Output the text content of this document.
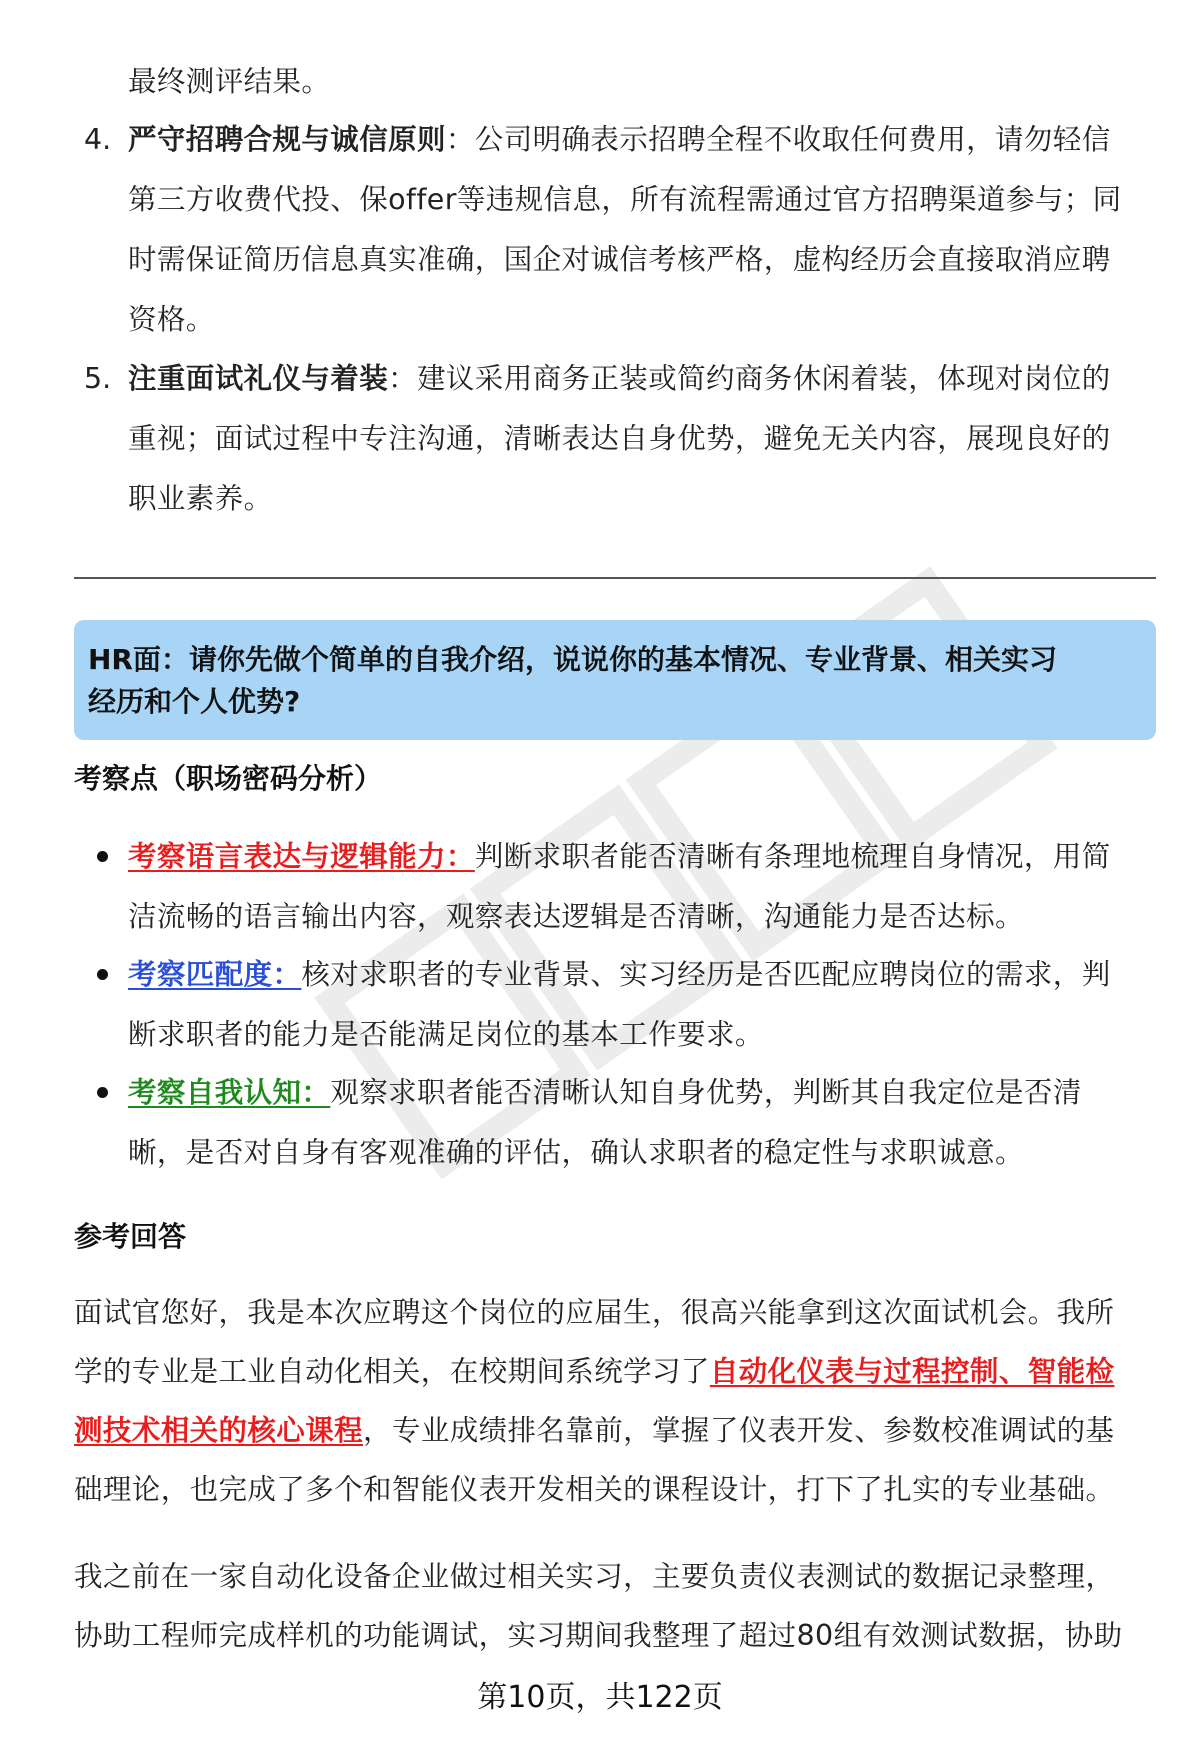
最终测评结果。
4. 严守招聘合规与诚信原则：公司明确表示招聘全程不收取任何费用，请勿轻信
第三方收费代投、保offer等违规信息，所有流程需通过官方招聘渠道参与；同
时需保证简历信息真实准确，国企对诚信考核严格，虚构经历会直接取消应聘
资格。
5. 注重面试礼仪与着装：建议采用商务正装或简约商务休闲着装，体现对岗位的
重视；面试过程中专注沟通，清晰表达自身优势，避免无关内容，展现良好的
职业素养。
HR面：请你先做个简单的自我介绍，说说你的基本情况、专业背景、相关实习
经历和个人优势?
考察点（职场密码分析）
考察语言表达与逻辑能力：判断求职者能否清晰有条理地梳理自身情况，用简
洁流畅的语言输出内容，观察表达逻辑是否清晰，沟通能力是否达标。
考察匹配度：核对求职者的专业背景、实习经历是否匹配应聘岗位的需求，判
断求职者的能力是否能满足岗位的基本工作要求。
考察自我认知：观察求职者能否清晰认知自身优势，判断其自我定位是否清
晰，是否对自身有客观准确的评估，确认求职者的稳定性与求职诚意。
参考回答
面试官您好，我是本次应聘这个岗位的应届生，很高兴能拿到这次面试机会。我所
学的专业是工业自动化相关，在校期间系统学习了自动化仪表与过程控制、智能检
测技术相关的核心课程，专业成绩排名靠前，掌握了仪表开发、参数校准调试的基
础理论，也完成了多个和智能仪表开发相关的课程设计，打下了扎实的专业基础。
我之前在一家自动化设备企业做过相关实习，主要负责仪表测试的数据记录整理，
协助工程师完成样机的功能调试，实习期间我整理了超过80组有效测试数据，协助
第10页，共122页
